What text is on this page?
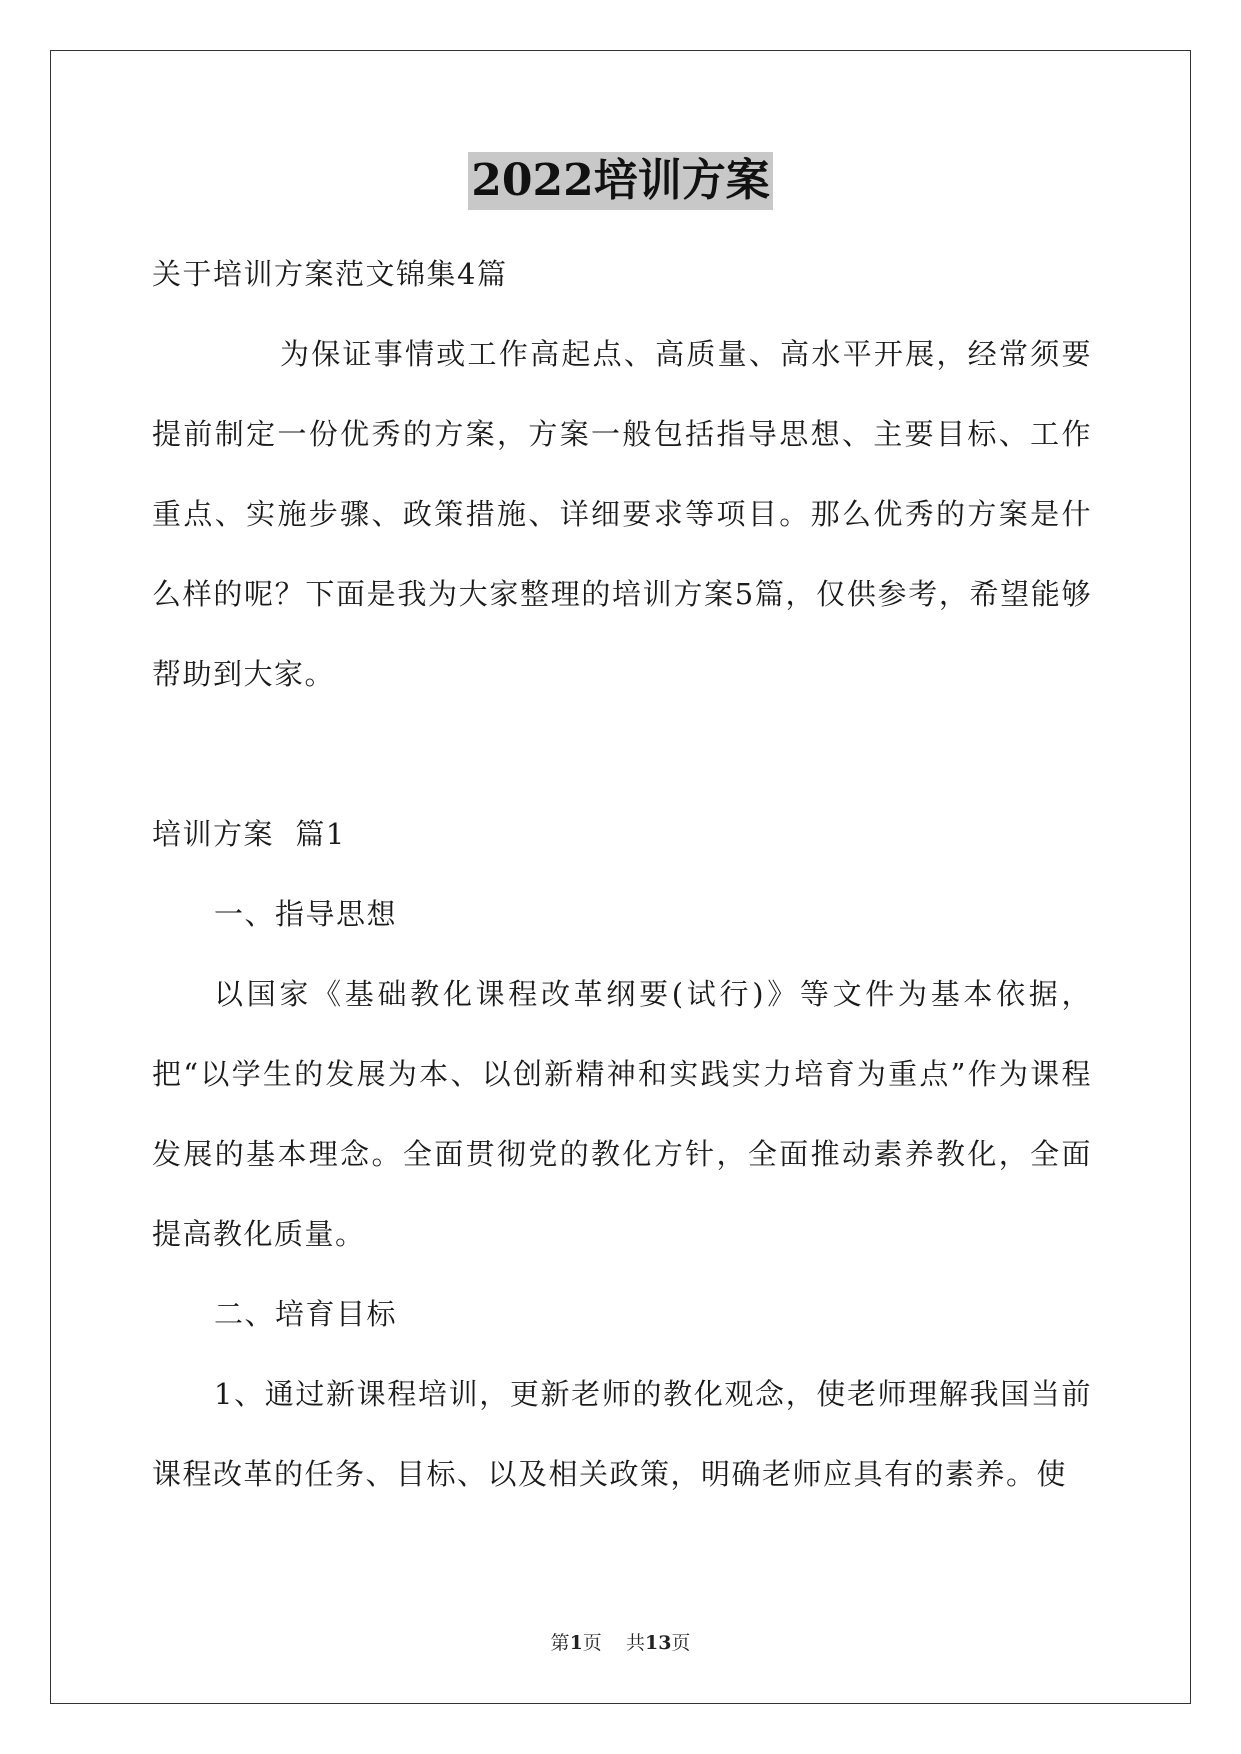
2022培训方案

关于培训方案范文锦集4篇

为保证事情或工作高起点、高质量、高水平开展，经常须要提前制定一份优秀的方案，方案一般包括指导思想、主要目标、工作重点、实施步骤、政策措施、详细要求等项目。那么优秀的方案是什么样的呢？下面是我为大家整理的培训方案5篇，仅供参考，希望能够帮助到大家。

培训方案  篇1

一、指导思想

以国家《基础教化课程改革纲要(试行)》等文件为基本依据，把“以学生的发展为本、以创新精神和实践实力培育为重点”作为课程发展的基本理念。全面贯彻党的教化方针，全面推动素养教化，全面提高教化质量。

二、培育目标

1、通过新课程培训，更新老师的教化观念，使老师理解我国当前课程改革的任务、目标、以及相关政策，明确老师应具有的素养。使

第1页    共13页
